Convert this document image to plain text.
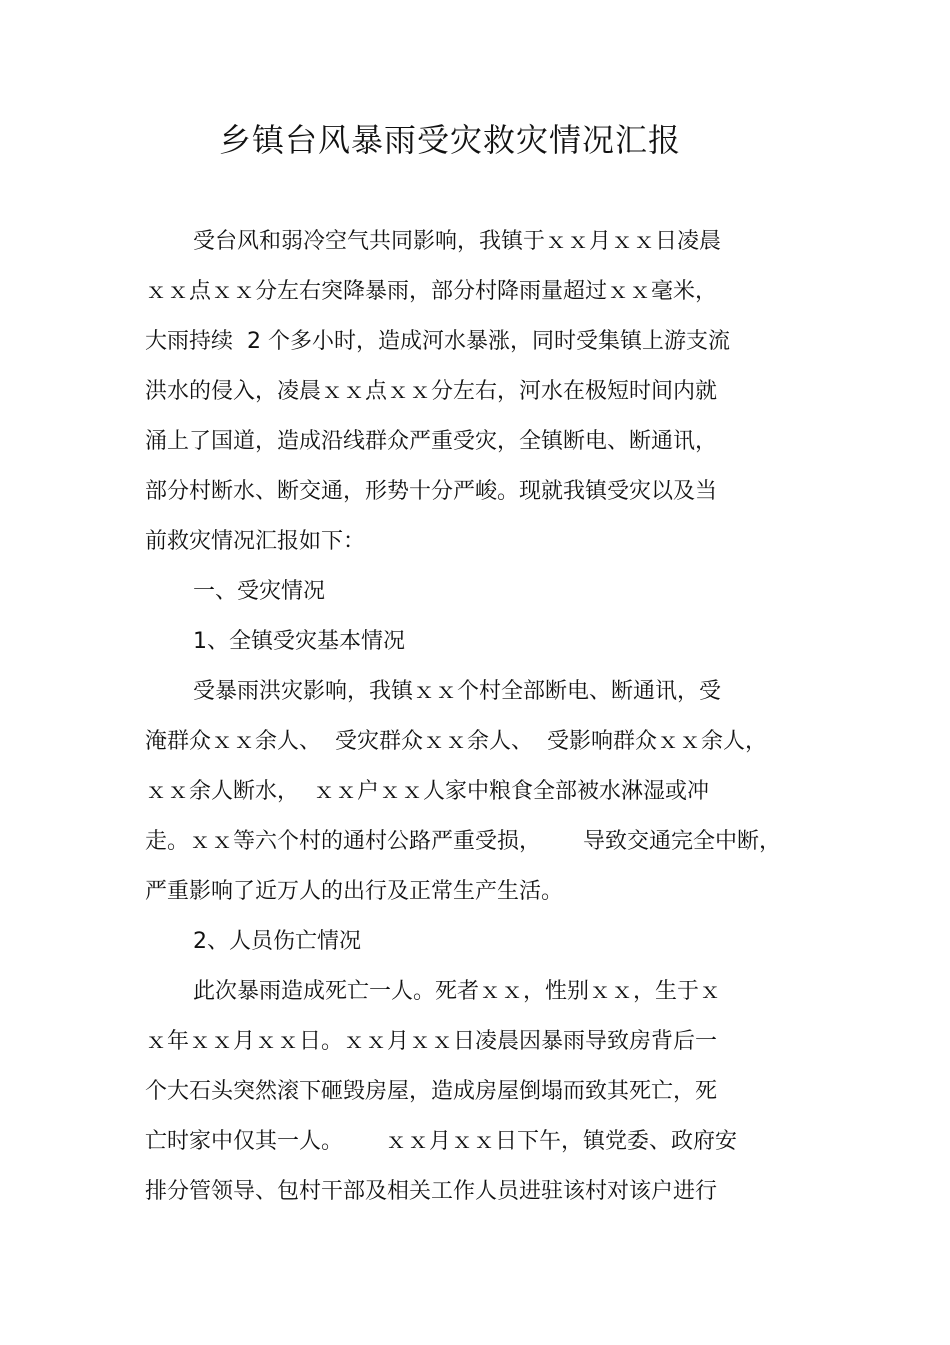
乡镇台风暴雨受灾救灾情况汇报
受台风和弱冷空气共同影响，我镇于ｘｘ月ｘｘ日凌晨
ｘｘ点ｘｘ分左右突降暴雨，部分村降雨量超过ｘｘ毫米，
大雨持续  2 个多小时，造成河水暴涨，同时受集镇上游支流
洪水的侵入，凌晨ｘｘ点ｘｘ分左右，河水在极短时间内就
涌上了国道，造成沿线群众严重受灾，全镇断电、断通讯，
部分村断水、断交通，形势十分严峻。现就我镇受灾以及当
前救灾情况汇报如下：
一、受灾情况
1、全镇受灾基本情况
受暴雨洪灾影响，我镇ｘｘ个村全部断电、断通讯，受
淹群众ｘｘ余人、  受灾群众ｘｘ余人、  受影响群众ｘｘ余人，
ｘｘ余人断水，  ｘｘ户ｘｘ人家中粮食全部被水淋湿或冲
走。ｘｘ等六个村的通村公路严重受损，      导致交通完全中断，
严重影响了近万人的出行及正常生产生活。
2、人员伤亡情况
此次暴雨造成死亡一人。死者ｘｘ，性别ｘｘ，生于ｘ
ｘ年ｘｘ月ｘｘ日。ｘｘ月ｘｘ日凌晨因暴雨导致房背后一
个大石头突然滚下砸毁房屋，造成房屋倒塌而致其死亡，死
亡时家中仅其一人。      ｘｘ月ｘｘ日下午，镇党委、政府安
排分管领导、包村干部及相关工作人员进驻该村对该户进行
